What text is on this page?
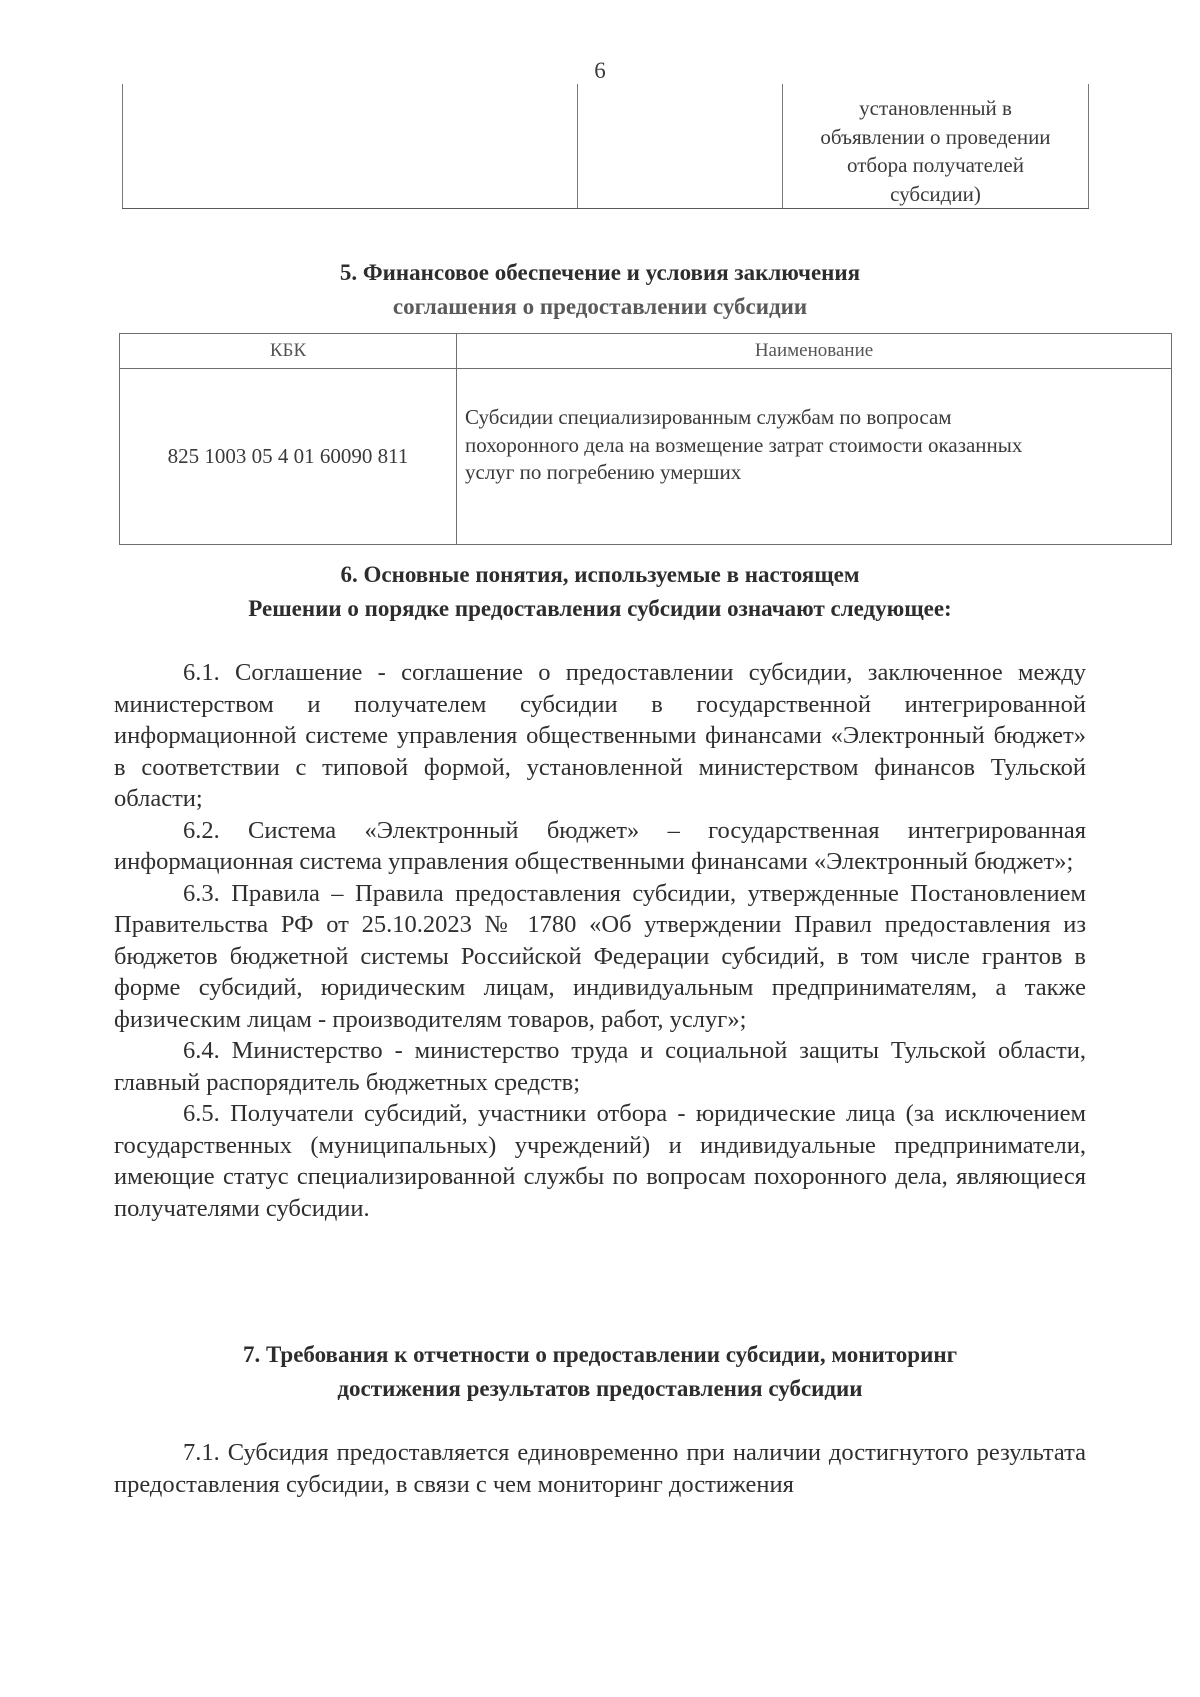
6

установленный в
объявлении о проведении
отбора получателей
субсидии)
5. Финансовое обеспечение и условия заключения
соглашения о предоставлении субсидии
КБК	Наименование
825 1003 05 4 01 60090 811	Субсидии специализированным службам по вопросам
похоронного дела на возмещение затрат стоимости оказанных
услуг по погребению умерших
6. Основные понятия, используемые в настоящем
Решении о порядке предоставления субсидии означают следующее:

6.1. Соглашение - соглашение о предоставлении субсидии, заключенное между министерством и получателем субсидии в государственной интегрированной информационной системе управления общественными финансами «Электронный бюджет» в соответствии с типовой формой, установленной министерством финансов Тульской области;

6.2. Система «Электронный бюджет» – государственная интегрированная информационная система управления общественными финансами «Электронный бюджет»;

6.3. Правила – Правила предоставления субсидии, утвержденные Постановлением Правительства РФ от 25.10.2023 № 1780 «Об утверждении Правил предоставления из бюджетов бюджетной системы Российской Федерации субсидий, в том числе грантов в форме субсидий, юридическим лицам, индивидуальным предпринимателям, а также физическим лицам - производителям товаров, работ, услуг»;

6.4. Министерство - министерство труда и социальной защиты Тульской области, главный распорядитель бюджетных средств;

6.5. Получатели субсидий, участники отбора - юридические лица (за исключением государственных (муниципальных) учреждений) и индивидуальные предприниматели, имеющие статус специализированной службы по вопросам похоронного дела, являющиеся получателями субсидии.

7. Требования к отчетности о предоставлении субсидии, мониторинг
достижения результатов предоставления субсидии

7.1. Субсидия предоставляется единовременно при наличии достигнутого результата предоставления субсидии, в связи с чем мониторинг достижения
